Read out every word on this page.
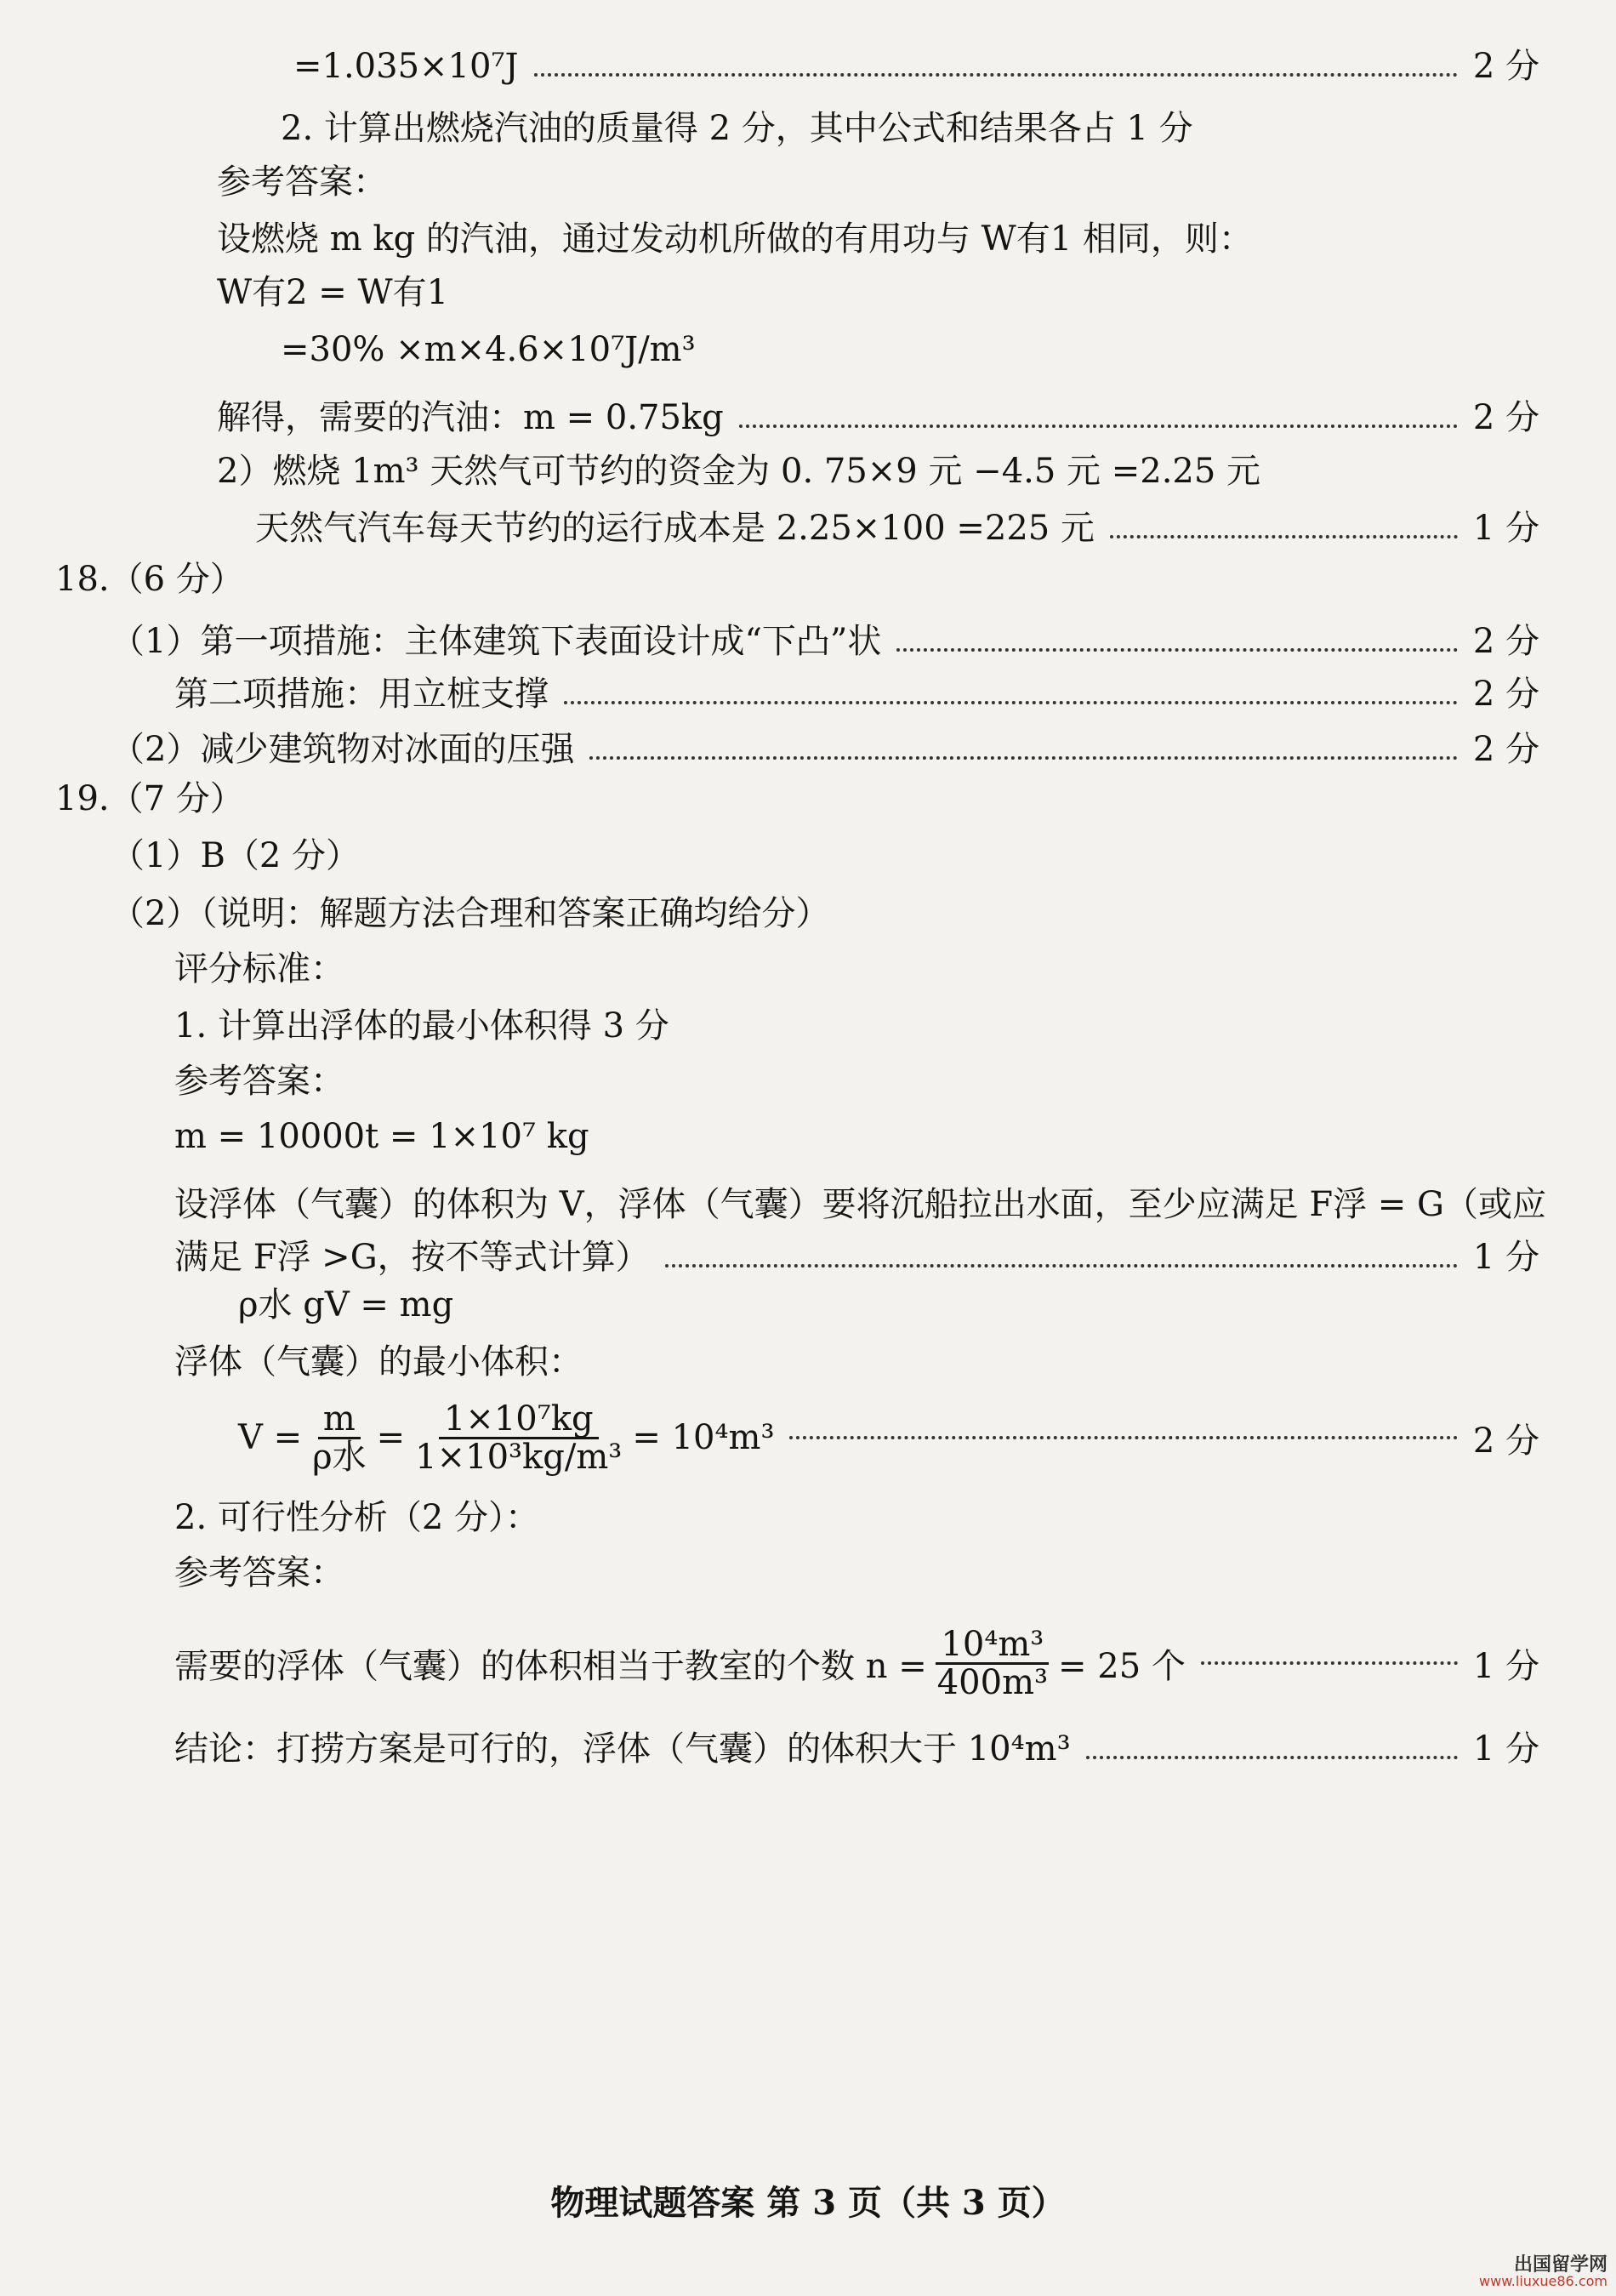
=1.035×10⁷J	2 分
2. 计算出燃烧汽油的质量得 2 分，其中公式和结果各占 1 分
参考答案：
设燃烧 m kg 的汽油，通过发动机所做的有用功与 W有1 相同，则：
W有2 = W有1
=30% ×m×4.6×10⁷J/m³
解得，需要的汽油：m = 0.75kg	2 分
2）燃烧 1m³ 天然气可节约的资金为 0. 75×9 元 −4.5 元 =2.25 元
天然气汽车每天节约的运行成本是 2.25×100 =225 元	1 分
18.（6 分）
（1）第一项措施：主体建筑下表面设计成“下凸”状	2 分
第二项措施：用立桩支撑	2 分
（2）减少建筑物对冰面的压强	2 分
19.（7 分）
（1）B（2 分）
（2）（说明：解题方法合理和答案正确均给分）
评分标准：
1. 计算出浮体的最小体积得 3 分
参考答案：
m = 10000t = 1×10⁷ kg
设浮体（气囊）的体积为 V，浮体（气囊）要将沉船拉出水面，至少应满足 F浮 = G（或应
满足 F浮 >G，按不等式计算）	1 分
ρ水 gV = mg
浮体（气囊）的最小体积：
$V = \frac{m}{\text{ρ水}} = \frac{\text{1×10⁷kg}}{\text{1×10³kg/m³}} = 10^4m^3$	2 分
2. 可行性分析（2 分）：
参考答案：
需要的浮体（气囊）的体积相当于教室的个数 $n = \frac{\text{10⁴m³}}{\text{400m³}} = 25$ 个	1 分
结论：打捞方案是可行的，浮体（气囊）的体积大于 10⁴m³	1 分
物理试题答案 第 3 页（共 3 页）
出国留学网
www.liuxue86.com
